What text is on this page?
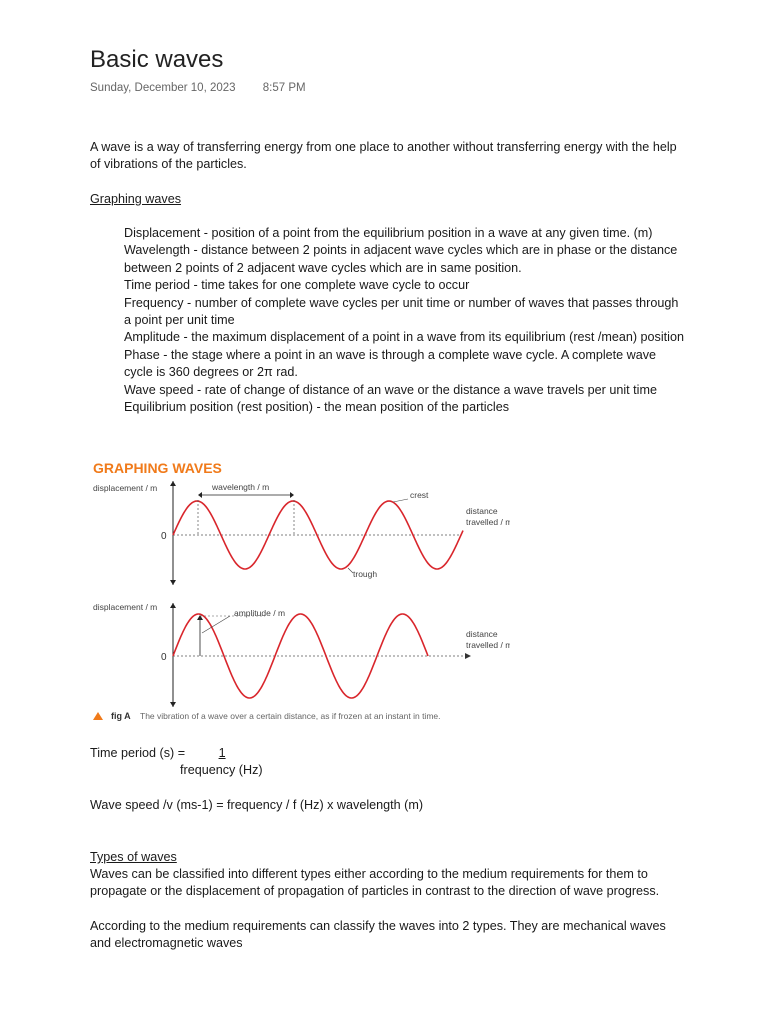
Basic waves
Sunday, December 10, 2023 8:57 PM
A wave is a way of transferring energy from one place to another without transferring energy with the help of vibrations of the particles.
Graphing waves
Displacement - position of a point from the equilibrium position in a wave at any given time. (m)
Wavelength - distance between 2 points in adjacent wave cycles which are in phase or the distance between 2 points of 2 adjacent wave cycles which are in same position.
Time period - time takes for one complete wave cycle to occur
Frequency - number of complete wave cycles per unit time or number of waves that passes through a point per unit time
Amplitude - the maximum displacement of a point in a wave from its equilibrium (rest /mean) position
Phase - the stage where a point in an wave is through a complete wave cycle. A complete wave cycle is 360 degrees or 2π rad.
Wave speed - rate of change of distance of an wave or the distance a wave travels per unit time
Equilibrium position (rest position) - the mean position of the particles
GRAPHING WAVES
displacement / m
0
wavelength / m
crest
trough
distance
travelled / m
displacement / m
0
amplitude / m
distance
travelled / m
fig A The vibration of a wave over a certain distance, as if frozen at an instant in time.
Time period (s) =	1
frequency (Hz)
Wave speed /v (ms-1) = frequency / f (Hz) x wavelength (m)
Types of waves
Waves can be classified into different types either according to the medium requirements for them to propagate or the displacement of propagation of particles in contrast to the direction of wave progress.
According to the medium requirements can classify the waves into 2 types. They are mechanical waves and electromagnetic waves
